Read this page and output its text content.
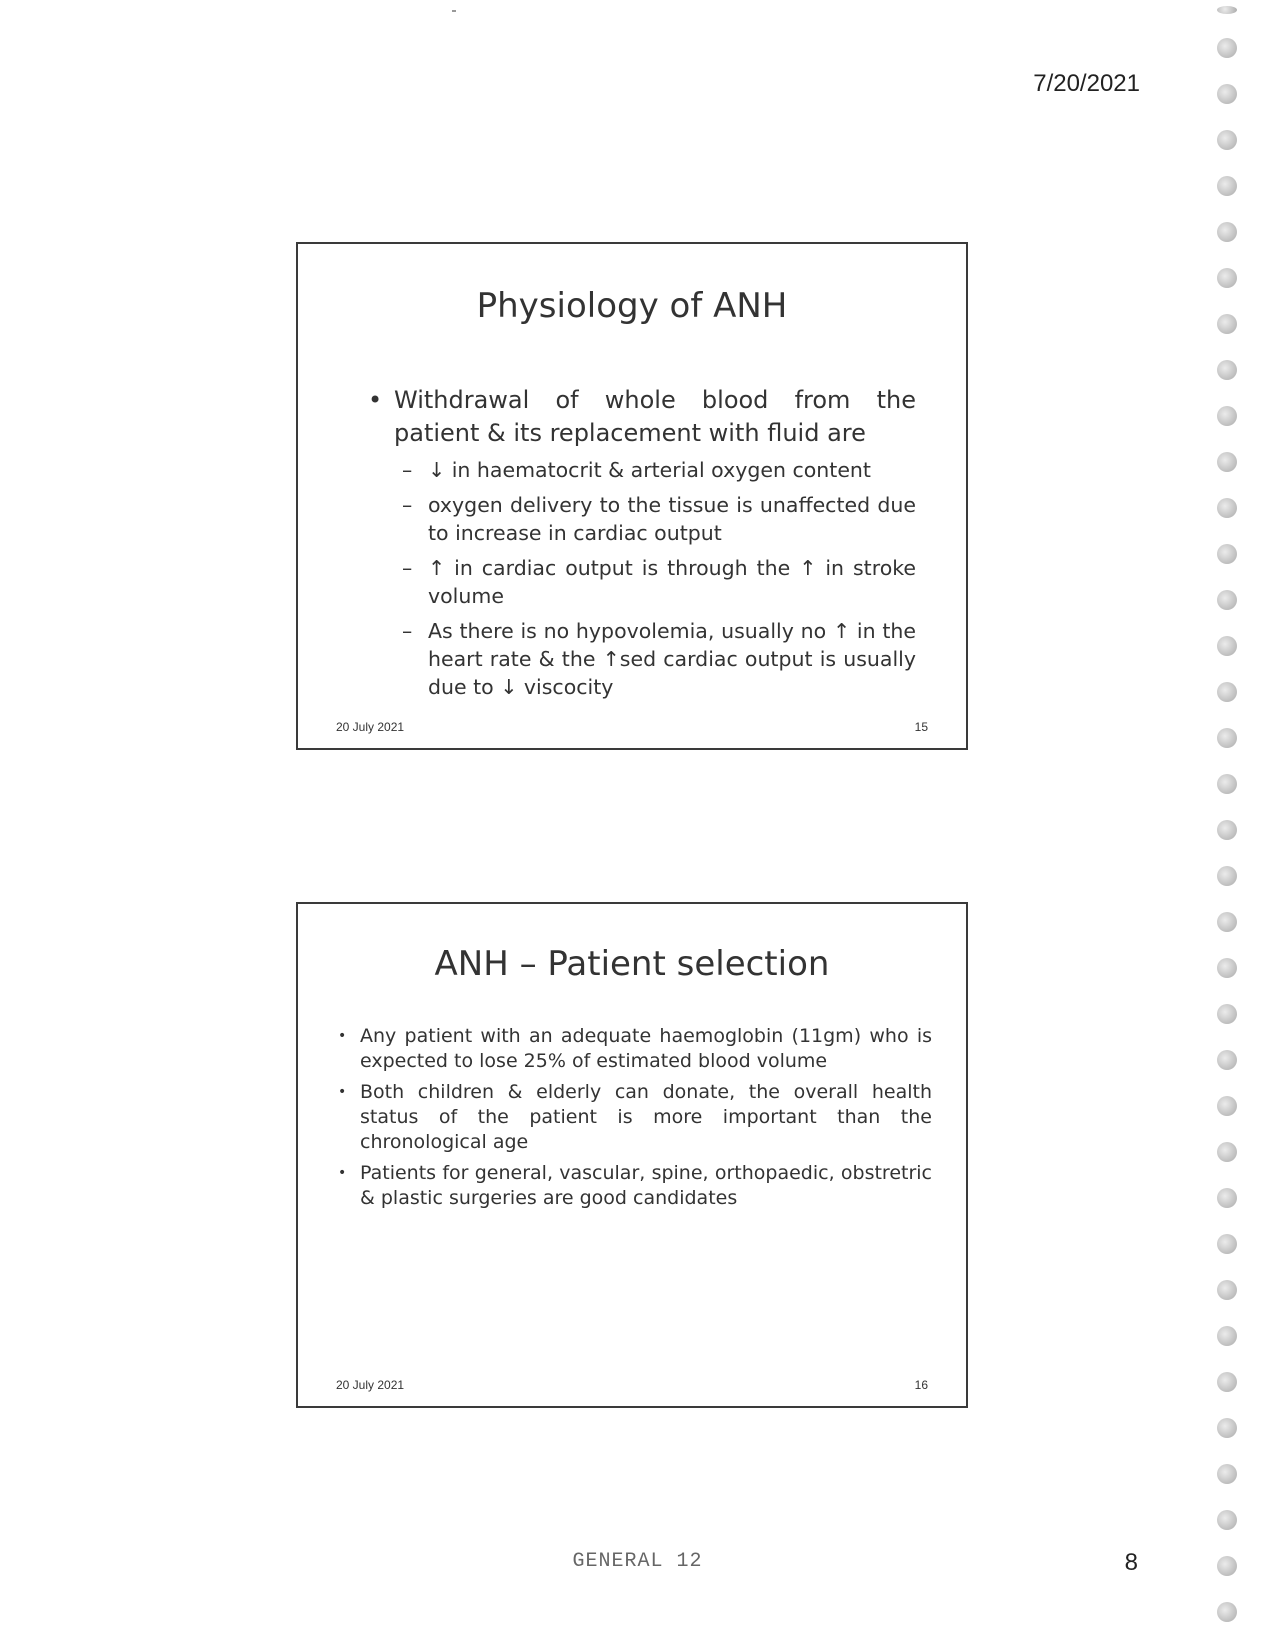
7/20/2021
Physiology of ANH
• Withdrawal of whole blood from the patient & its replacement with fluid are
– ↓ in haematocrit & arterial oxygen content
– oxygen delivery to the tissue is unaffected due to increase in cardiac output
– ↑ in cardiac output is through the ↑ in stroke volume
– As there is no hypovolemia, usually no ↑ in the heart rate & the ↑sed cardiac output is usually due to ↓ viscocity
20 July 2021	15
ANH – Patient selection
• Any patient with an adequate haemoglobin (11gm) who is expected to lose 25% of estimated blood volume
• Both children & elderly can donate, the overall health status of the patient is more important than the chronological age
• Patients for general, vascular, spine, orthopaedic, obstretric & plastic surgeries are good candidates
20 July 2021	16
GENERAL 12	8
